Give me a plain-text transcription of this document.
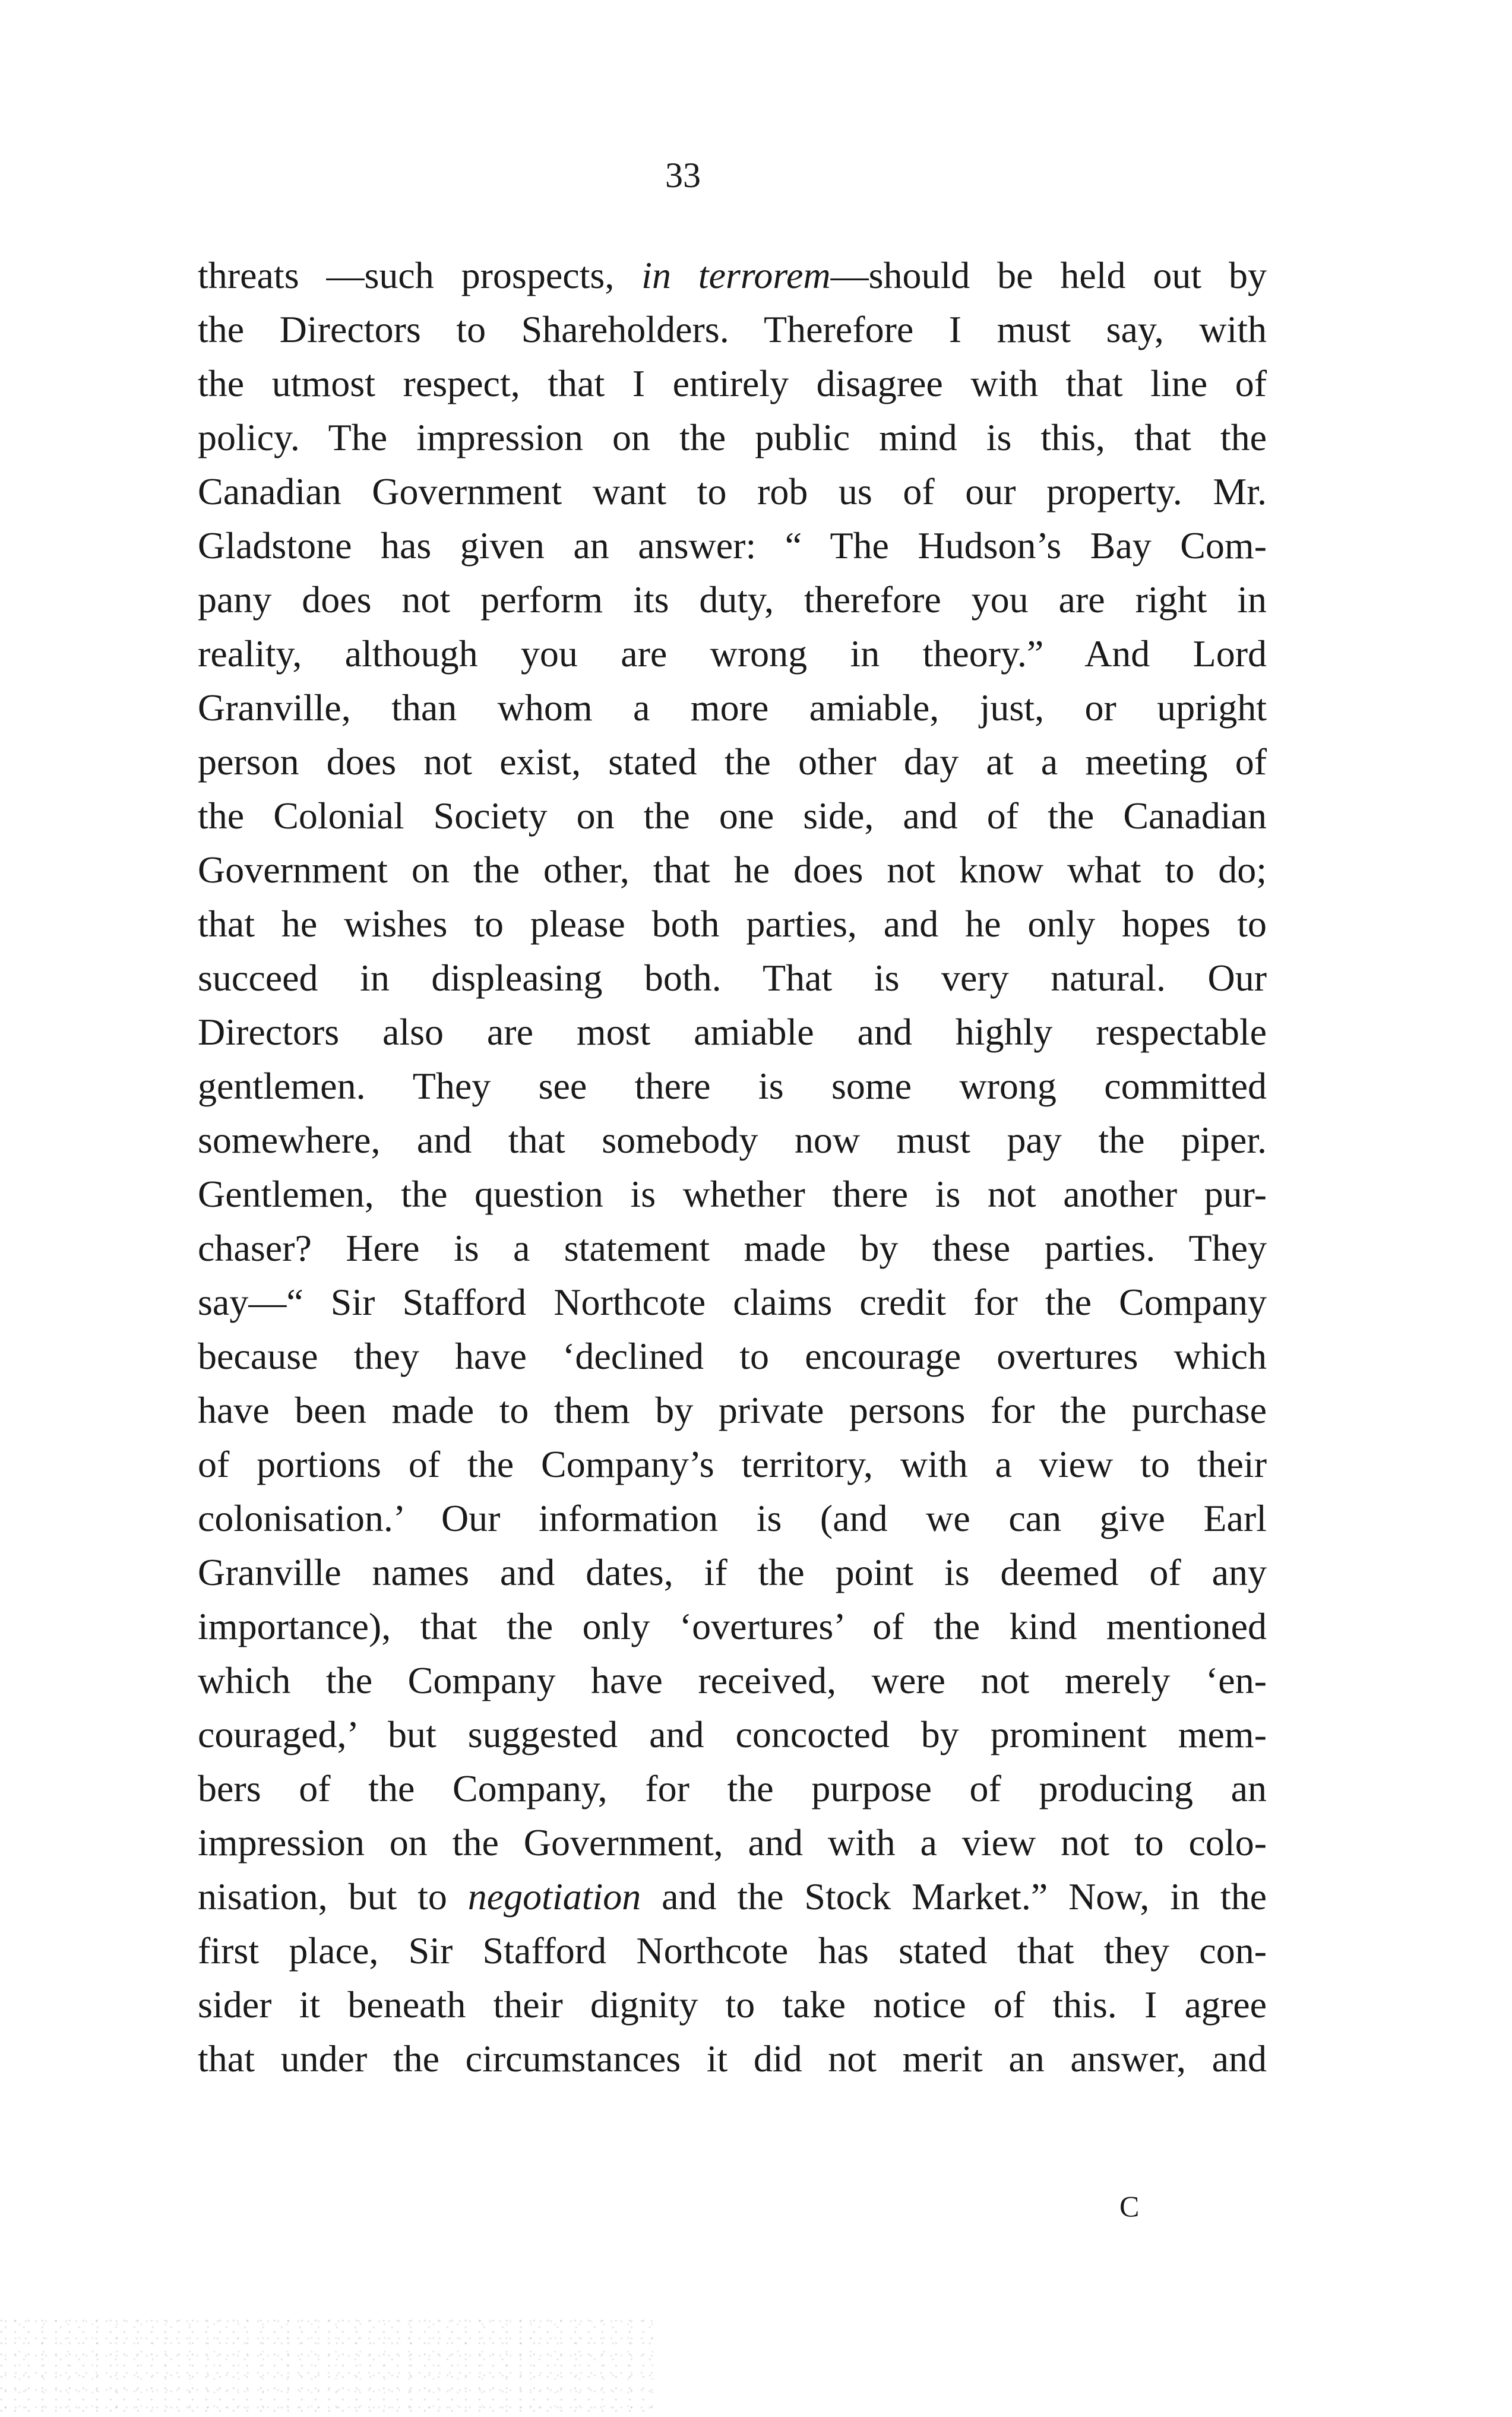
33
threats —such prospects, in terrorem—should be held out by
the Directors to Shareholders. Therefore I must say, with
the utmost respect, that I entirely disagree with that line of
policy. The impression on the public mind is this, that the
Canadian Government want to rob us of our property. Mr.
Gladstone has given an answer: “ The Hudson’s Bay Com-
pany does not perform its duty, therefore you are right in
reality, although you are wrong in theory.” And Lord
Granville, than whom a more amiable, just, or upright
person does not exist, stated the other day at a meeting of
the Colonial Society on the one side, and of the Canadian
Government on the other, that he does not know what to do;
that he wishes to please both parties, and he only hopes to
succeed in displeasing both. That is very natural. Our
Directors also are most amiable and highly respectable
gentlemen. They see there is some wrong committed
somewhere, and that somebody now must pay the piper.
Gentlemen, the question is whether there is not another pur-
chaser? Here is a statement made by these parties. They
say—“ Sir Stafford Northcote claims credit for the Company
because they have ‘declined to encourage overtures which
have been made to them by private persons for the purchase
of portions of the Company’s territory, with a view to their
colonisation.’ Our information is (and we can give Earl
Granville names and dates, if the point is deemed of any
importance), that the only ‘overtures’ of the kind mentioned
which the Company have received, were not merely ‘en-
couraged,’ but suggested and concocted by prominent mem-
bers of the Company, for the purpose of producing an
impression on the Government, and with a view not to colo-
nisation, but to negotiation and the Stock Market.” Now, in the
first place, Sir Stafford Northcote has stated that they con-
sider it beneath their dignity to take notice of this. I agree
that under the circumstances it did not merit an answer, and
C
